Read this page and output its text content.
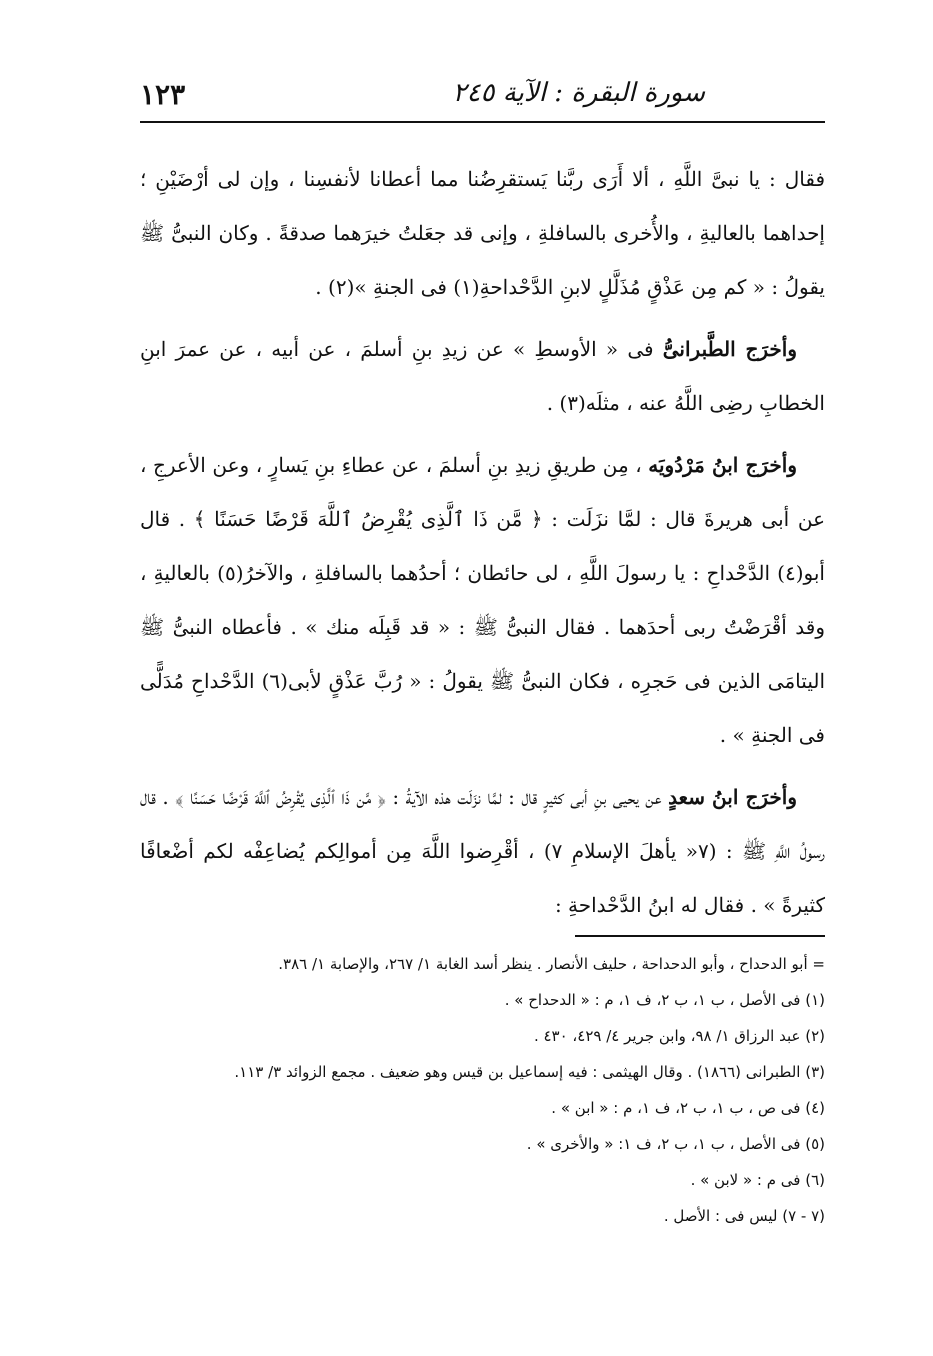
سورة البقرة : الآية ٢٤٥
١٢٣

فقال : يا نبىَّ اللَّهِ ، ألا أَرَى ربَّنا يَستقرِضُنا مما أعطانا لأنفسِنا ، وإن لى أرْضَيْنِ ؛ إحداهما بالعاليةِ ، والأُخرى بالسافلةِ ، وإنى قد جعَلتُ خيرَهما صدقةً . وكان النبىُّ ﷺ يقولُ : « كم مِن عَذْقٍ مُذَلَّلٍ لابنِ الدَّحْداحةِ(١) فى الجنةِ »(٢) .

وأخرَج الطَّبرانىُّ فى « الأوسطِ » عن زيدِ بنِ أسلمَ ، عن أبيه ، عن عمرَ ابنِ الخطابِ رضِى اللَّهُ عنه ، مثلَه(٣) .

وأخرَج ابنُ مَرْدُويَه ، مِن طريقِ زيدِ بنِ أسلمَ ، عن عطاءِ بنِ يَسارٍ ، وعن الأعرجِ ، عن أبى هريرةَ قال : لمَّا نزَلَت : ﴿ مَّن ذَا ٱلَّذِى يُقْرِضُ ٱللَّهَ قَرْضًا حَسَنًا ﴾ . قال أبو(٤) الدَّحْداحِ : يا رسولَ اللَّهِ ، لى حائطان ؛ أحدُهما بالسافلةِ ، والآخرُ(٥) بالعاليةِ ، وقد أقْرَضْتُ ربى أحدَهما . فقال النبىُّ ﷺ : « قد قَبِلَه منك » . فأعطاه النبىُّ ﷺ اليتامَى الذين فى حَجرِه ، فكان النبىُّ ﷺ يقولُ : « رُبَّ عَذْقٍ لأبى(٦) الدَّحْداحِ مُدَلًّى فى الجنةِ » .

وأخرَج ابنُ سعدٍ عن يحيى بنِ أبى كثيرٍ قال : لمَّا نزَلَت هذه الآيةُ : ﴿ مَّن ذَا ٱلَّذِى يُقْرِضُ ٱللَّهَ قَرْضًا حَسَنًا ﴾ . قال رسولُ اللَّهِ ﷺ : (٧« يأهلَ الإسلامِ ٧) ، أقْرِضوا اللَّهَ مِن أموالِكم يُضاعِفْه لكم أضْعافًا كثيرةً » . فقال له ابنُ الدَّحْداحةِ :

= أبو الدحداح ، وأبو الدحداحة ، حليف الأنصار . ينظر أسد الغابة ١/ ٢٦٧، والإصابة ١/ ٣٨٦.
(١) فى الأصل ، ب ١، ب ٢، ف ١، م : « الدحداح » .
(٢) عبد الرزاق ١/ ٩٨، وابن جرير ٤/ ٤٢٩، ٤٣٠ .
(٣) الطبرانى (١٨٦٦) . وقال الهيثمى : فيه إسماعيل بن قيس وهو ضعيف . مجمع الزوائد ٣/ ١١٣.
(٤) فى ص ، ب ١، ب ٢، ف ١، م : « ابن » .
(٥) فى الأصل ، ب ١، ب ٢، ف ١: « والأخرى » .
(٦) فى م : « لابن » .
(٧ - ٧) ليس فى : الأصل .
